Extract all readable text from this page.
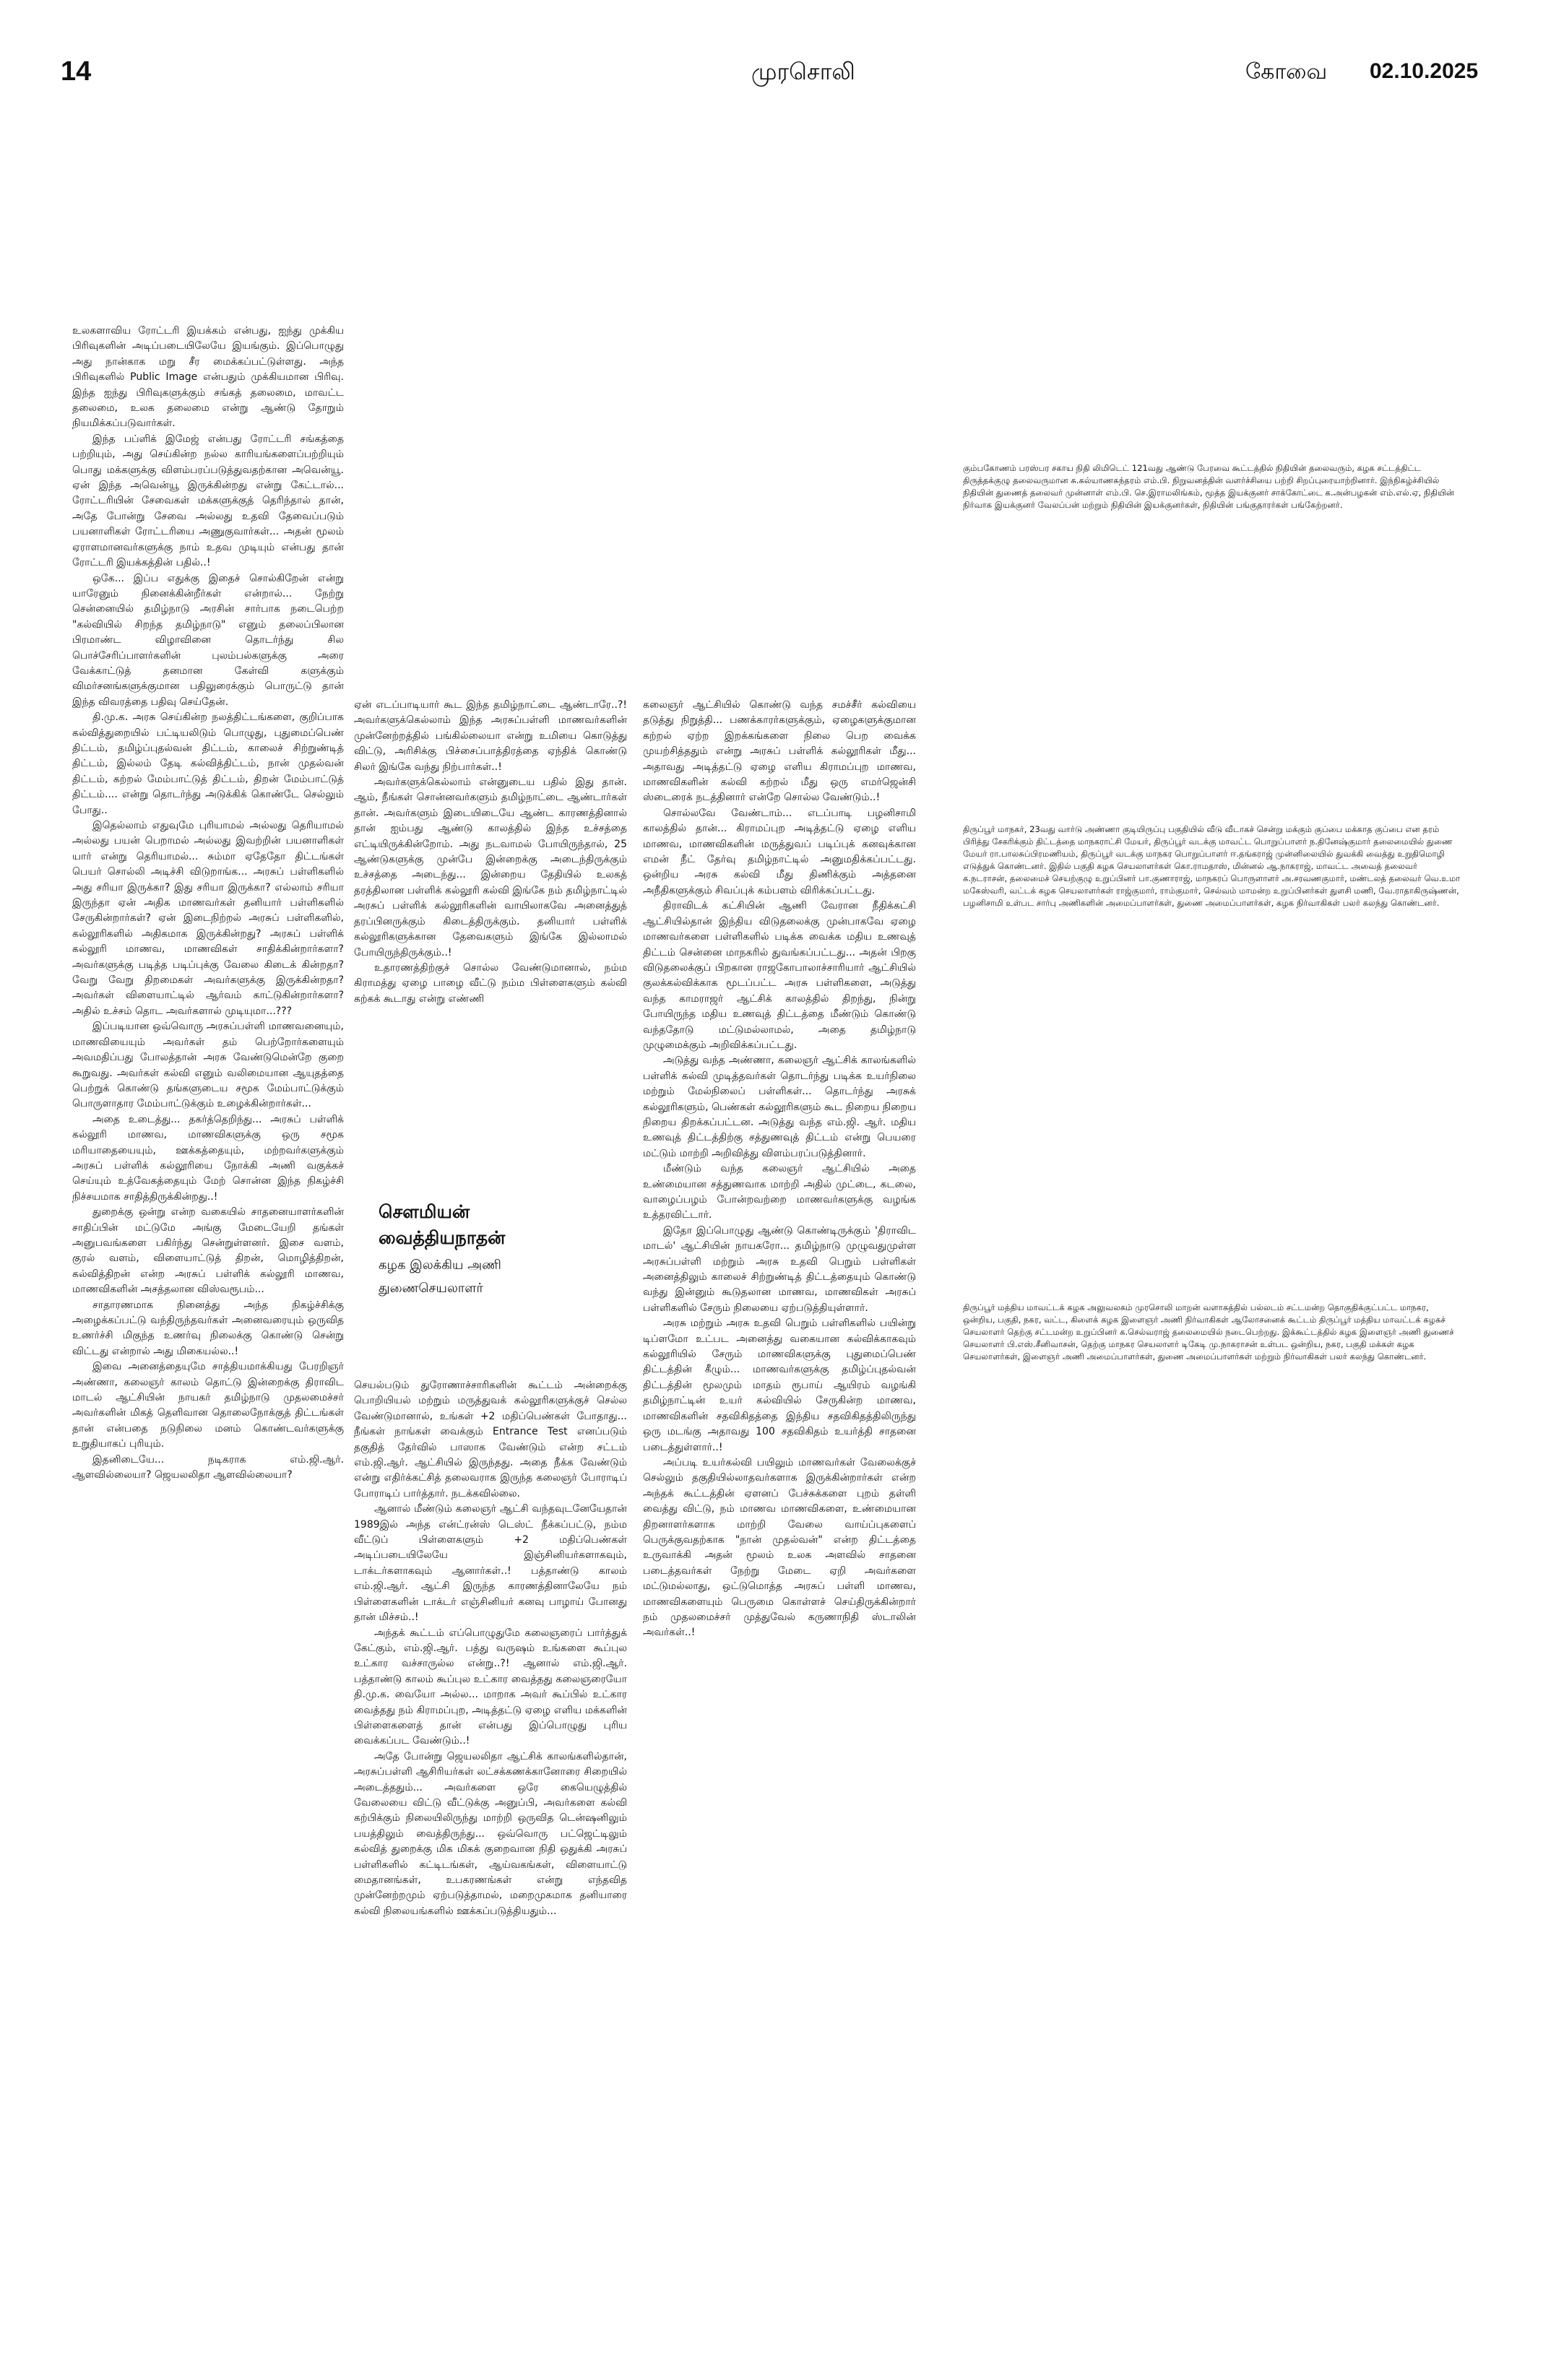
14	முரசொலி	கோவை 02.10.2025

உலகளாவிய ரோட்டரி இயக்கம் என்பது, ஐந்து முக்கிய பிரிவுகளின் அடிப்படையிலேயே இயங்கும். இப்பொழுது அது நான்காக மறு சீர மைக்கப்பட்டுள்ளது. அந்த பிரிவுகளில் Public Image என்பதும் முக்கியமான பிரிவு. இந்த ஐந்து பிரிவுகளுக்கும் சங்கத் தலைமை, மாவட்ட தலைமை, உலக தலைமை என்று ஆண்டு தோறும் நியமிக்கப்படுவார்கள்.

இந்த பப்ளிக் இமேஜ் என்பது ரோட்டரி சங்கத்தை பற்றியும், அது செய்கின்ற நல்ல காரியங்களைப்பற்றியும் பொது மக்களுக்கு விளம்பரப்படுத்துவதற்கான அவென்யூ. ஏன் இந்த அவென்யூ இருக்கின்றது என்று கேட்டால்... ரோட்டரியின் சேவைகள் மக்களுக்குத் தெரிந்தால் தான், அதே போன்று சேவை அல்லது உதவி தேவைப்படும் பயனாளிகள் ரோட்டரியை அணுகுவார்கள்... அதன் மூலம் ஏராளமானவர்களுக்கு நாம் உதவ முடியும் என்பது தான் ரோட்டரி இயக்கத்தின் பதில்..!

ஒகே... இப்ப எதுக்கு இதைச் சொல்கிறேன் என்று யாரேனும் நினைக்கின்றீர்கள் என்றால்... நேற்று சென்னையில் தமிழ்நாடு அரசின் சார்பாக நடைபெற்ற "கல்வியில் சிறந்த தமிழ்நாடு" எனும் தலைப்பிலான பிரமாண்ட விழாவினை தொடர்ந்து சில பொச்சேரிப்பாளர்களின் புலம்பல்களுக்கு அரை வேக்காட்டுத் தனமான கேள்வி களுக்கும் விமர்சனங்களுக்குமான பதிலுரைக்கும் பொருட்டு தான் இந்த விவரத்தை பதிவு செய்தேன்.

தி.மு.க. அரசு செய்கின்ற நலத்திட்டங்களை, குறிப்பாக கல்வித்துறையில் பட்டியலிடும் பொழுது, புதுமைப்பெண் திட்டம், தமிழ்ப்புதல்வன் திட்டம், காலைச் சிற்றுண்டித் திட்டம், இல்லம் தேடி கல்வித்திட்டம், நான் முதல்வன் திட்டம், கற்றல் மேம்பாட்டுத் திட்டம், திறன் மேம்பாட்டுத் திட்டம்.... என்று தொடர்ந்து அடுக்கிக் கொண்டே செல்லும் போது..

இதெல்லாம் எதுவுமே புரியாமல் அல்லது தெரியாமல் அல்லது பயன் பெறாமல் அல்லது இவற்றின் பயனாளிகள் யார் என்று தெரியாமல்... சும்மா ஏதேதோ திட்டங்கள் பெயர் சொல்லி அடிச்சி விடுறாங்க... அரசுப் பள்ளிகளில் அது சரியா இருக்கா? இது சரியா இருக்கா? எல்லாம் சரியா இருந்தா ஏன் அதிக மாணவர்கள் தனியார் பள்ளிகளில் சேருகின்றார்கள்? ஏன் இடைநிற்றல் அரசுப் பள்ளிகளில், கல்லூரிகளில் அதிகமாக இருக்கின்றது? அரசுப் பள்ளிக் கல்லூரி மாணவ, மாணவிகள் சாதிக்கின்றார்களா? அவர்களுக்கு படித்த படிப்புக்கு வேலை கிடைக் கின்றதா? வேறு வேறு திறமைகள் அவர்களுக்கு இருக்கின்றதா? அவர்கள் விளையாட்டில் ஆர்வம் காட்டுகின்றார்களா? அதில் உச்சம் தொட அவர்களால் முடியுமா...???

இப்படியான ஒவ்வொரு அரசுப்பள்ளி மாணவனையும், மாணவியையும் அவர்கள் தம் பெற்றோர்களையும் அவமதிப்பது போலத்தான் அரசு வேண்டுமென்றே குறை கூறுவது. அவர்கள் கல்வி எனும் வலிமையான ஆயுதத்தை பெற்றுக் கொண்டு தங்களுடைய சமூக மேம்பாட்டுக்கும் பொருளாதார மேம்பாட்டுக்கும் உழைக்கின்றார்கள்...

அதை உடைத்து... தகர்த்தெறிந்து... அரசுப் பள்ளிக் கல்லூரி மாணவ, மாணவிகளுக்கு ஒரு சமூக மரியாதையையும், ஊக்கத்தையும், மற்றவர்களுக்கும் அரசுப் பள்ளிக் கல்லூரியை நோக்கி அணி வகுக்கச் செய்யும் உத்வேகத்தையும் மேற் சொன்ன இந்த நிகழ்ச்சி நிச்சயமாக சாதித்திருக்கின்றது..!

துறைக்கு ஒன்று என்ற வகையில் சாதனையாளர்களின் சாதிப்பின் மட்டுமே அங்கு மேடையேறி தங்கள் அனுபவங்களை பகிர்ந்து சென்றுள்ளனர். இசை வளம், குரல் வளம், விளையாட்டுத் திறன், மொழித்திறன், கல்வித்திறன் என்ற அரசுப் பள்ளிக் கல்லூரி மாணவ, மாணவிகளின் அசத்தலான விஸ்வரூபம்...

சாதாரணமாக நினைத்து அந்த நிகழ்ச்சிக்கு அழைக்கப்பட்டு வந்திருந்தவர்கள் அனைவரையும் ஒருவித உணர்ச்சி மிகுந்த உணர்வு நிலைக்கு கொண்டு சென்று விட்டது என்றால் அது மிகையல்ல..!

இவை அனைத்தையுமே சாத்தியமாக்கியது பேரறிஞர் அண்ணா, கலைஞர் காலம் தொட்டு இன்றைக்கு திராவிட மாடல் ஆட்சியின் நாயகர் தமிழ்நாடு முதலமைச்சர் அவர்களின் மிகத் தெளிவான தொலைநோக்குத் திட்டங்கள் தான் என்பதை நடுநிலை மனம் கொண்டவர்களுக்கு உறுதியாகப் புரியும்.

இதனிடையே... நடிகராக எம்.ஜி.ஆர். ஆளவில்லையா? ஜெயலலிதா ஆளவில்லையா?

ஏன் எடப்பாடியார் கூட இந்த தமிழ்நாட்டை ஆண்டாரே..?! அவர்களுக்கெல்லாம் இந்த அரசுப்பள்ளி மாணவர்களின் முன்னேற்றத்தில் பங்கில்லையா என்று உமியை கொடுத்து விட்டு, அரிசிக்கு பிச்சைப்பாத்திரத்தை ஏந்திக் கொண்டு சிலர் இங்கே வந்து நிற்பார்கள்..!

அவர்களுக்கெல்லாம் என்னுடைய பதில் இது தான். ஆம், நீங்கள் சொன்னவர்களும் தமிழ்நாட்டை ஆண்டார்கள் தான். அவர்களும் இடையிடையே ஆண்ட காரணத்தினால் தான் ஐம்பது ஆண்டு காலத்தில் இந்த உச்சத்தை எட்டியிருக்கின்றோம். அது நடவாமல் போயிருந்தால், 25 ஆண்டுகளுக்கு முன்பே இன்றைக்கு அடைந்திருக்கும் உச்சத்தை அடைந்து... இன்றைய தேதியில் உலகத் தரத்திலான பள்ளிக் கல்லூரி கல்வி இங்கே நம் தமிழ்நாட்டில் அரசுப் பள்ளிக் கல்லூரிகளின் வாயிலாகவே அனைத்துத் தரப்பினருக்கும் கிடைத்திருக்கும். தனியார் பள்ளிக் கல்லூரிகளுக்கான தேவைகளும் இங்கே இல்லாமல் போயிருந்திருக்கும்..!

உதாரணத்திற்குச் சொல்ல வேண்டுமானால், நம்ம கிராமத்து ஏழை பாழை வீட்டு நம்ம பிள்ளைகளும் கல்வி கற்கக் கூடாது என்று எண்ணி

சௌமியன்
வைத்தியநாதன்
கழக இலக்கிய அணி
துணைசெயலாளர்

செயல்படும் துரோணாச்சாரிகளின் கூட்டம் அன்றைக்கு பொறியியல் மற்றும் மருத்துவக் கல்லூரிகளுக்குச் செல்ல வேண்டுமானால், உங்கள் +2 மதிப்பெண்கள் போதாது... நீங்கள் நாங்கள் வைக்கும் Entrance Test எனப்படும் தகுதித் தேர்வில் பாஸாக வேண்டும் என்ற சட்டம் எம்.ஜி.ஆர். ஆட்சியில் இருந்தது. அதை நீக்க வேண்டும் என்று எதிர்க்கட்சித் தலைவராக இருந்த கலைஞர் போராடிப் போராடிப் பார்த்தார். நடக்கவில்லை.

ஆனால் மீண்டும் கலைஞர் ஆட்சி வந்தவுடனேயேதான் 1989இல் அந்த என்ட்ரன்ஸ் டெஸ்ட் நீக்கப்பட்டு, நம்ம வீட்டுப் பிள்ளைகளும் +2 மதிப்பெண்கள் அடிப்படையிலேயே இஞ்சினியர்களாகவும், டாக்டர்களாகவும் ஆனார்கள்..! பத்தாண்டு காலம் எம்.ஜி.ஆர். ஆட்சி இருந்த காரணத்தினாலேயே நம் பிள்ளைகளின் டாக்டர் எஞ்சினியர் கனவு பாழாய் போனது தான் மிச்சம்..!

அந்தக் கூட்டம் எப்பொழுதுமே கலைஞரைப் பார்த்துக் கேட்கும், எம்.ஜி.ஆர். பத்து வருஷம் உங்களை கூப்புல உட்கார வச்சாருல்ல என்று..?! ஆனால் எம்.ஜி.ஆர். பத்தாண்டு காலம் கூப்புல உட்கார வைத்தது கலைஞரையோ தி.மு.க. வையோ அல்ல... மாறாக அவர் கூப்பில் உட்கார வைத்தது நம் கிராமப்புற, அடித்தட்டு ஏழை எளிய மக்களின் பிள்ளைகளைத் தான் என்பது இப்பொழுது புரிய வைக்கப்பட வேண்டும்..!

அதே போன்று ஜெயலலிதா ஆட்சிக் காலங்களில்தான், அரசுப்பள்ளி ஆசிரியர்கள் லட்சக்கணக்கானோரை சிறையில் அடைத்ததும்... அவர்களை ஒரே கையெழுத்தில் வேலையை விட்டு வீட்டுக்கு அனுப்பி, அவர்களை கல்வி கற்பிக்கும் நிலையிலிருந்து மாற்றி ஒருவித டென்ஷனிலும் பயத்திலும் வைத்திருந்து... ஒவ்வொரு பட்ஜெட்டிலும் கல்வித் துறைக்கு மிக மிகக் குறைவான நிதி ஒதுக்கி அரசுப் பள்ளிகளில் கட்டிடங்கள், ஆய்வகங்கள், விளையாட்டு மைதானங்கள், உபகரணங்கள் என்று எந்தவித முன்னேற்றமும் ஏற்படுத்தாமல், மறைமுகமாக தனியாரை கல்வி நிலையங்களில் ஊக்கப்படுத்தியதும்...

கலைஞர் ஆட்சியில் கொண்டு வந்த சமச்சீர் கல்வியை தடுத்து நிறுத்தி... பணக்காரர்களுக்கும், ஏழைகளுக்குமான கற்றல் ஏற்ற இறக்கங்களை நிலை பெற வைக்க முயற்சித்ததும் என்று அரசுப் பள்ளிக் கல்லூரிகள் மீது... அதாவது அடித்தட்டு ஏழை எளிய கிராமப்புற மாணவ, மாணவிகளின் கல்வி கற்றல் மீது ஒரு எமர்ஜென்சி ஸ்டைரைக் நடத்தினார் என்றே சொல்ல வேண்டும்..!

சொல்லவே வேண்டாம்... எடப்பாடி பழனிசாமி காலத்தில் தான்... கிராமப்புற அடித்தட்டு ஏழை எளிய மாணவ, மாணவிகளின் மருத்துவப் படிப்புக் கனவுக்கான எமன் நீட் தேர்வு தமிழ்நாட்டில் அனுமதிக்கப்பட்டது. ஒன்றிய அரசு கல்வி மீது திணிக்கும் அத்தனை அநீதிகளுக்கும் சிவப்புக் கம்பளம் விரிக்கப்பட்டது.

திராவிடக் கட்சியின் ஆணி வேரான நீதிக்கட்சி ஆட்சியில்தான் இந்திய விடுதலைக்கு முன்பாகவே ஏழை மாணவர்களை பள்ளிகளில் படிக்க வைக்க மதிய உணவுத் திட்டம் சென்னை மாநகரில் துவங்கப்பட்டது... அதன் பிறகு விடுதலைக்குப் பிறகான ராஜகோபாலாச்சாரியார் ஆட்சியில் குலக்கல்விக்காக மூடப்பட்ட அரசு பள்ளிகளை, அடுத்து வந்த காமராஜர் ஆட்சிக் காலத்தில் திறந்து, நின்று போயிருந்த மதிய உணவுத் திட்டத்தை மீண்டும் கொண்டு வந்ததோடு மட்டுமல்லாமல், அதை தமிழ்நாடு முழுமைக்கும் அறிவிக்கப்பட்டது.

அடுத்து வந்த அண்ணா, கலைஞர் ஆட்சிக் காலங்களில் பள்ளிக் கல்வி முடித்தவர்கள் தொடர்ந்து படிக்க உயர்நிலை மற்றும் மேல்நிலைப் பள்ளிகள்... தொடர்ந்து அரசுக் கல்லூரிகளும், பெண்கள் கல்லூரிகளும் கூட நிறைய நிறைய நிறைய திறக்கப்பட்டன. அடுத்து வந்த எம்.ஜி. ஆர். மதிய உணவுத் திட்டத்திற்கு சத்துணவுத் திட்டம் என்று பெயரை மட்டும் மாற்றி அறிவித்து விளம்பரப்படுத்தினார்.

மீண்டும் வந்த கலைஞர் ஆட்சியில் அதை உண்மையான சத்துணவாக மாற்றி அதில் முட்டை, கடலை, வாழைப்பழம் போன்றவற்றை மாணவர்களுக்கு வழங்க உத்தரவிட்டார்.

இதோ இப்பொழுது ஆண்டு கொண்டிருக்கும் 'திராவிட மாடல்' ஆட்சியின் நாயகரோ... தமிழ்நாடு முழுவதுமுள்ள அரசுப்பள்ளி மற்றும் அரசு உதவி பெறும் பள்ளிகள் அனைத்திலும் காலைச் சிற்றுண்டித் திட்டத்தையும் கொண்டு வந்து இன்னும் கூடுதலான மாணவ, மாணவிகள் அரசுப் பள்ளிகளில் சேரும் நிலையை ஏற்படுத்தியுள்ளார்.

அரசு மற்றும் அரசு உதவி பெறும் பள்ளிகளில் பயின்று டிப்ளமோ உட்பட அனைத்து வகையான கல்விக்காகவும் கல்லூரியில் சேரும் மாணவிகளுக்கு புதுமைப்பெண் திட்டத்தின் கீழும்... மாணவர்களுக்கு தமிழ்ப்புதல்வன் திட்டத்தின் மூலமும் மாதம் ரூபாய் ஆயிரம் வழங்கி தமிழ்நாட்டின் உயர் கல்வியில் சேருகின்ற மாணவ, மாணவிகளின் சதவிகிதத்தை இந்திய சதவிகிதத்திலிருந்து ஒரு மடங்கு அதாவது 100 சதவிகிதம் உயர்த்தி சாதனை படைத்துள்ளார்..!

அப்படி உயர்கல்வி பயிலும் மாணவர்கள் வேலைக்குச் செல்லும் தகுதியில்லாதவர்களாக இருக்கின்றார்கள் என்ற அந்தக் கூட்டத்தின் ஏளனப் பேச்சுக்களை புறம் தள்ளி வைத்து விட்டு, நம் மாணவ மாணவிகளை, உண்மையான திறனாளர்களாக மாற்றி வேலை வாய்ப்புகளைப் பெருக்குவதற்காக "நான் முதல்வன்" என்ற திட்டத்தை உருவாக்கி அதன் மூலம் உலக அளவில் சாதனை படைத்தவர்கள் நேற்று மேடை ஏறி அவர்களை மட்டுமல்லாது, ஒட்டுமொத்த அரசுப் பள்ளி மாணவ, மாணவிகளையும் பெருமை கொள்ளச் செய்திருக்கின்றார் நம் முதலமைச்சர் முத்துவேல் கருணாநிதி ஸ்டாலின் அவர்கள்..!

கும்பகோணம் பரஸ்பர சகாய நிதி லிமிடெட் 121வது ஆண்டு பேரவை கூட்டத்தில் நிதியின் தலைவரும், கழக சட்டத்திட்ட திருத்தக்குழு தலைவருமான சு.கல்யாணசுந்தரம் எம்.பி. நிறுவனத்தின் வளர்ச்சியை பற்றி சிறப்புரையாற்றினார். இந்நிகழ்ச்சியில் நிதியின் துணைத் தலைவர் முன்னாள் எம்.பி. செ.இராமலிங்கம், மூத்த இயக்குனர் சாக்கோட்டை க.அன்பழகன் எம்.எல்.ஏ, நிதியின் நிர்வாக இயக்குனர் வேலப்பன் மற்றும் நிதியின் இயக்குனர்கள், நிதியின் பங்குதாரர்கள் பங்கேற்றனர்.
திருப்பூர் மாநகர், 23வது வார்டு அண்ணா குடியிருப்பு பகுதியில் வீடு வீடாகச் சென்று மக்கும் குப்பை மக்காத குப்பை என தரம் பிரித்து சேகரிக்கும் திட்டத்தை மாநகராட்சி மேயர், திருப்பூர் வடக்கு மாவட்ட பொறுப்பாளர் ந.தினேஷ்குமார் தலைமையில் துணை மேயர் ரா.பாலசுப்பிரமணியம், திருப்பூர் வடக்கு மாநகர பொறுப்பாளர் ஈ.தங்கராஜ் முன்னிலையில் துவக்கி வைத்து உறுதிமொழி எடுத்துக் கொண்டனர். இதில் பகுதி கழக செயலாளர்கள் கொ.ராமதாஸ், மின்னல் ஆ.நாகராஜ், மாவட்ட அவைத் தலைவர் க.நடராசன், தலைமைச் செயற்குழு உறுப்பினர் பா.குணாராஜ், மாநகரப் பொருளாளர் அ.சரவணகுமார், மண்டலத் தலைவர் வெ.உமா மகேஸ்வரி, வட்டக் கழக செயலாளர்கள் ராஜ்குமார், ராம்குமார், செல்வம் மாமன்ற உறுப்பினர்கள் துளசி மணி, வே.ராதாகிருஷ்ணன், பழனிசாமி உள்பட சார்பு அணிகளின் அமைப்பாளர்கள், துணை அமைப்பாளர்கள், கழக நிர்வாகிகள் பலர் கலந்து கொண்டனர்.
திருப்பூர் மத்திய மாவட்டக் கழக அலுவலகம் முரசொலி மாறன் வளாகத்தில் பல்லடம் சட்டமன்ற தொகுதிக்குட்பட்ட மாநகர, ஒன்றிய, பகுதி, நகர, வட்ட, கிளைக் கழக இளைஞர் அணி நிர்வாகிகள் ஆலோசனைக் கூட்டம் திருப்பூர் மத்திய மாவட்டக் கழகச் செயலாளர் தெற்கு சட்டமன்ற உறுப்பினர் க.செல்வராஜ் தலைமையில் நடைபெற்றது. இக்கூட்டத்தில் கழக இளைஞர் அணி துணைச் செயலாளர் பி.எஸ்.சீனிவாசன், தெற்கு மாநகர செயலாளர் டிகேடி மு.நாகராசன் உள்பட ஒன்றிய, நகர, பகுதி மக்கள் கழக செயலாளர்கள், இளைஞர் அணி அமைப்பாளர்கள், துணை அமைப்பாளர்கள் மற்றும் நிர்வாகிகள் பலர் கலந்து கொண்டனர்.
